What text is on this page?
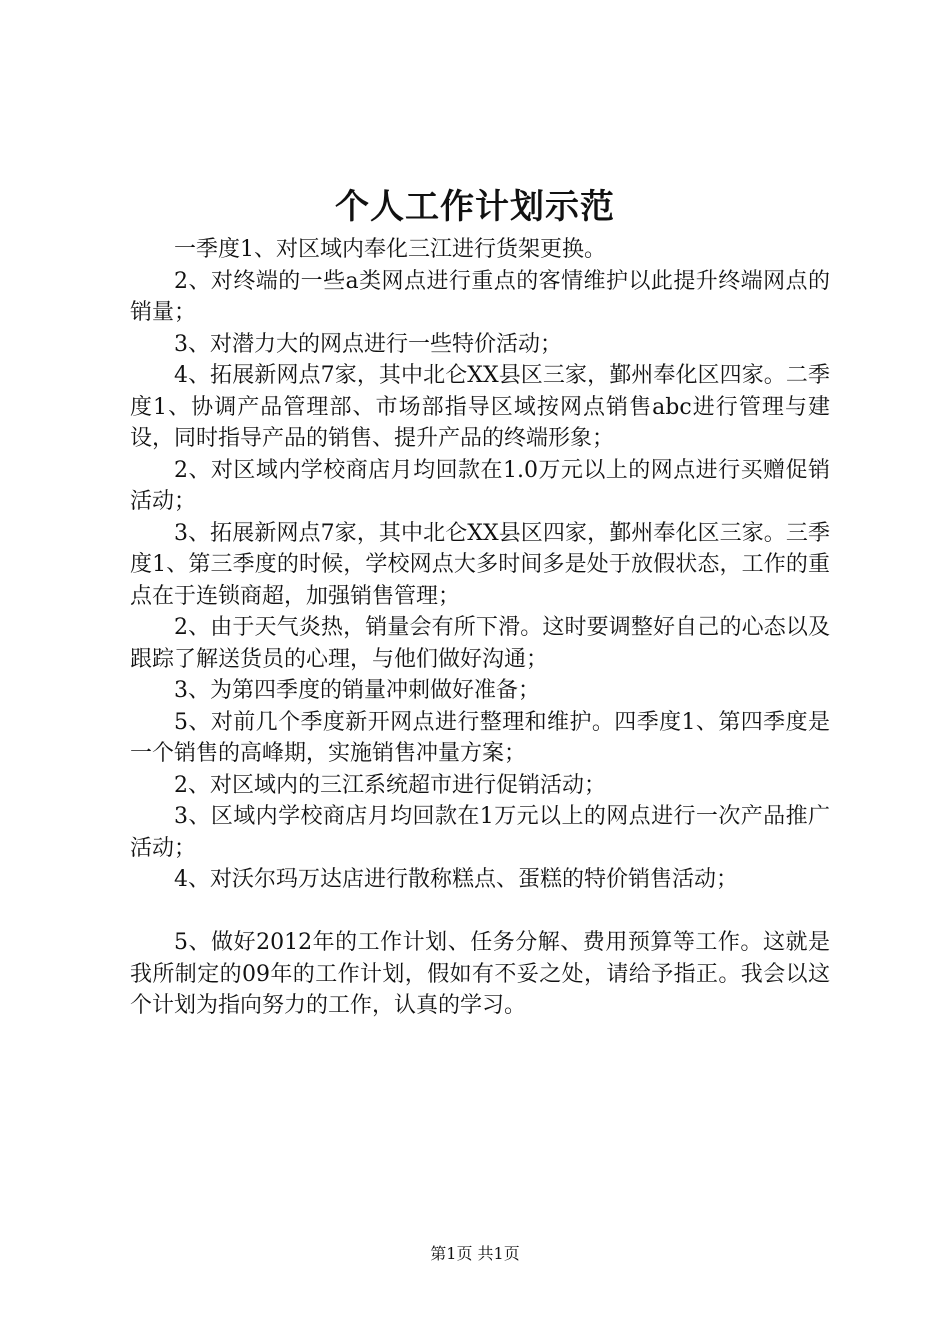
个人工作计划示范

一季度1、对区域内奉化三江进行货架更换。

2、对终端的一些a类网点进行重点的客情维护以此提升终端网点的销量；

3、对潜力大的网点进行一些特价活动；

4、拓展新网点7家，其中北仑XX县区三家，鄞州奉化区四家。二季度1、协调产品管理部、市场部指导区域按网点销售abc进行管理与建设，同时指导产品的销售、提升产品的终端形象；

2、对区域内学校商店月均回款在1.0万元以上的网点进行买赠促销活动；

3、拓展新网点7家，其中北仑XX县区四家，鄞州奉化区三家。三季度1、第三季度的时候，学校网点大多时间多是处于放假状态，工作的重点在于连锁商超，加强销售管理；

2、由于天气炎热，销量会有所下滑。这时要调整好自己的心态以及跟踪了解送货员的心理，与他们做好沟通；

3、为第四季度的销量冲刺做好准备；

5、对前几个季度新开网点进行整理和维护。四季度1、第四季度是一个销售的高峰期，实施销售冲量方案；

2、对区域内的三江系统超市进行促销活动；

3、区域内学校商店月均回款在1万元以上的网点进行一次产品推广活动；

4、对沃尔玛万达店进行散称糕点、蛋糕的特价销售活动；

5、做好2012年的工作计划、任务分解、费用预算等工作。这就是我所制定的09年的工作计划，假如有不妥之处，请给予指正。我会以这个计划为指向努力的工作，认真的学习。

第1页 共1页
